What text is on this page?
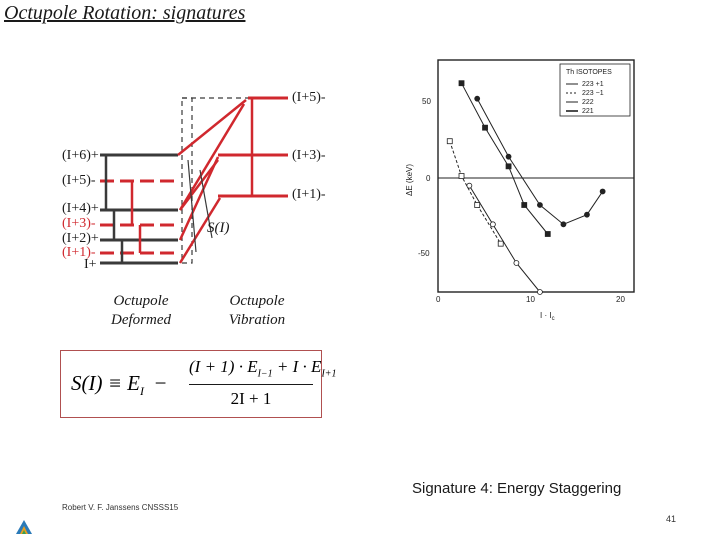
Octupole Rotation: signatures
(I+6)+
(I+5)-
(I+4)+
(I+3)-
(I+2)+
(I+1)-
I+
(I+5)-
(I+3)-
(I+1)-
S(I)
Octupole
Deformed
Octupole
Vibration
$S(I) \equiv E_I$ −
$(I + 1) \cdot E_{I-1} + I \cdot E_{I+1}$
2I + 1
Th ISOTOPES
223 +1
223 −1
222
221
50
0
-50
ΔE (keV)
0	10	20
$I \cdot I_c$
Signature 4: Energy Staggering
Robert V. F. Janssens CNSSS15
41
